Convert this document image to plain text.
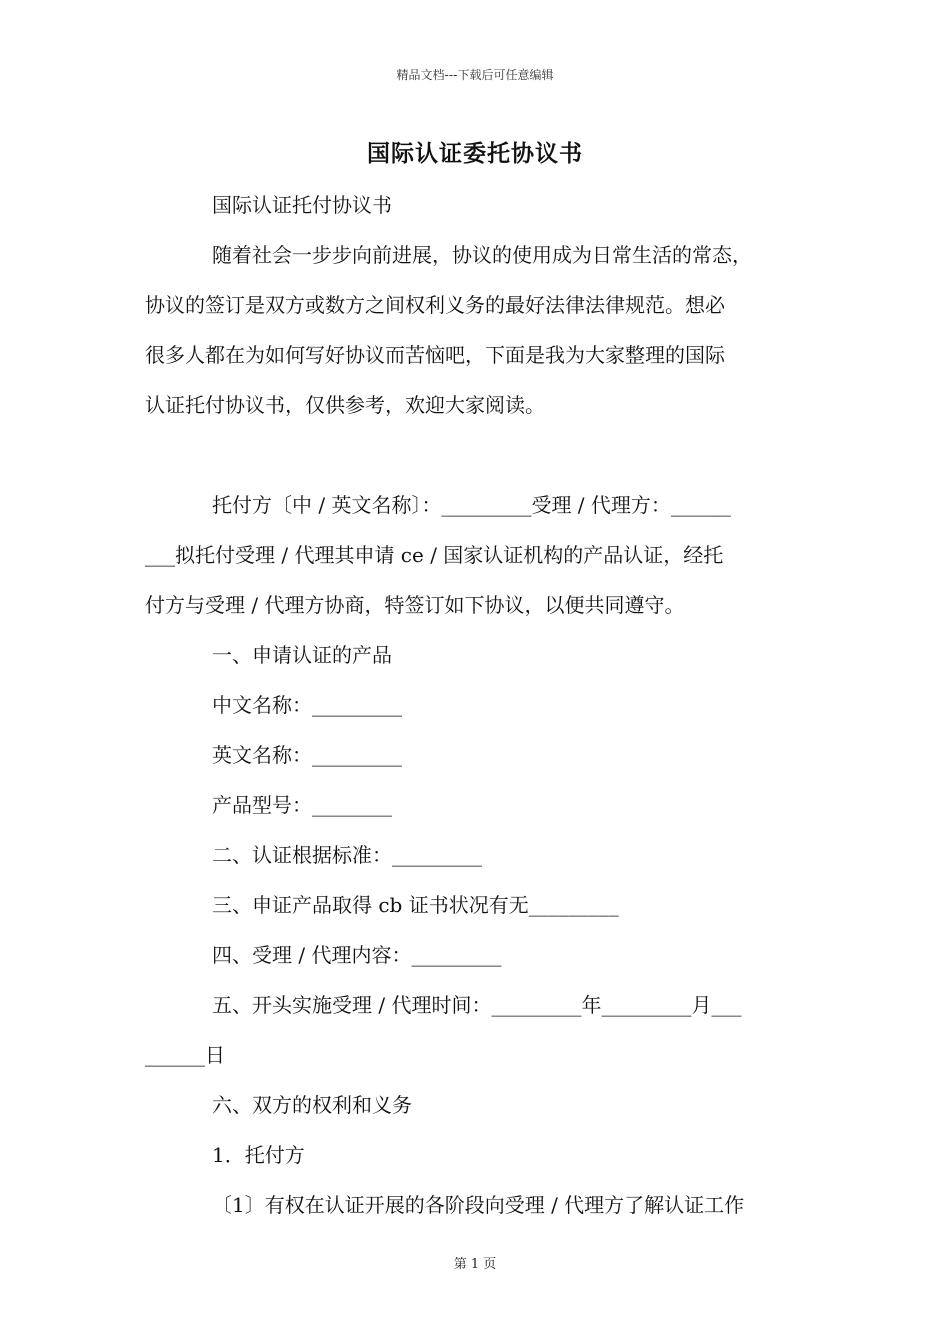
精品文档---下载后可任意编辑
国际认证委托协议书

国际认证托付协议书

随着社会一步步向前进展，协议的使用成为日常生活的常态，

协议的签订是双方或数方之间权利义务的最好法律法律规范。想必

很多人都在为如何写好协议而苦恼吧，下面是我为大家整理的国际

认证托付协议书，仅供参考，欢迎大家阅读。

托付方〔中 / 英文名称〕：_________受理 / 代理方：______

___拟托付受理 / 代理其申请 ce / 国家认证机构的产品认证，经托

付方与受理 / 代理方协商，特签订如下协议，以便共同遵守。

一、申请认证的产品

中文名称：_________

英文名称：_________

产品型号：________

二、认证根据标准：_________

三、申证产品取得 cb 证书状况有无_________

四、受理 / 代理内容：_________

五、开头实施受理 / 代理时间：_________年_________月___

______日

六、双方的权利和义务

1．托付方

〔1〕有权在认证开展的各阶段向受理 / 代理方了解认证工作

第 1 页
